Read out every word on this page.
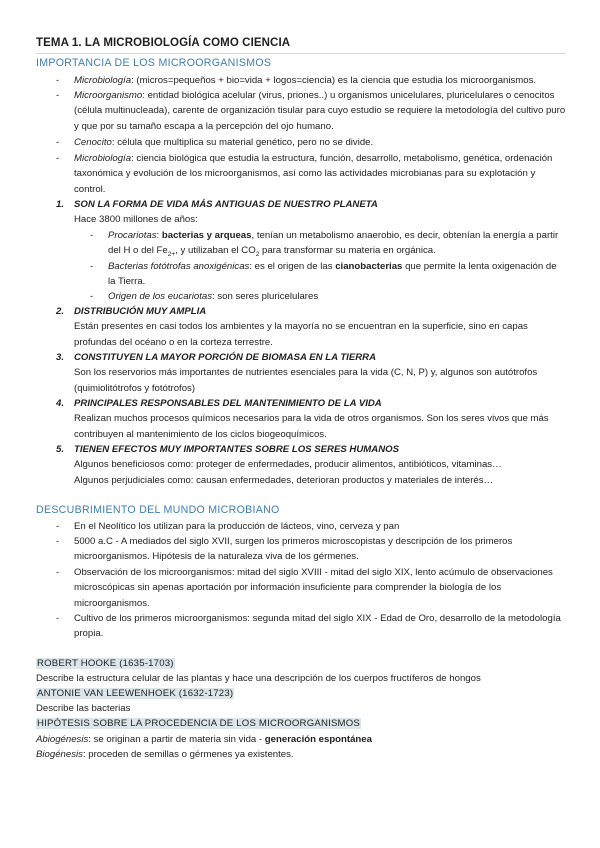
TEMA 1. LA MICROBIOLOGÍA COMO CIENCIA
IMPORTANCIA DE LOS MICROORGANISMOS
- Microbiología: (micros=pequeños + bio=vida + logos=ciencia) es la ciencia que estudia los microorganismos.
- Microorganismo: entidad biológica acelular (virus, priones..) u organismos unicelulares, pluricelulares o cenocitos (célula multinucleada), carente de organización tisular para cuyo estudio se requiere la metodología del cultivo puro y que por su tamaño escapa a la percepción del ojo humano.
- Cenocito: célula que multiplica su material genético, pero no se divide.
- Microbiología: ciencia biológica que estudia la estructura, función, desarrollo, metabolismo, genética, ordenación taxonómica y evolución de los microorganismos, así como las actividades microbianas para su explotación y control.
1. SON LA FORMA DE VIDA MÁS ANTIGUAS DE NUESTRO PLANETA
Hace 3800 millones de años:
- Procariotas: bacterias y arqueas, tenían un metabolismo anaerobio, es decir, obtenían la energía a partir del H o del $Fe_{2+}$, y utilizaban el $CO_2$ para transformar su materia en orgánica.
- Bacterias fotótrofas anoxigénicas: es el origen de las cianobacterias que permite la lenta oxigenación de la Tierra.
- Origen de los eucariotas: son seres pluricelulares
2. DISTRIBUCIÓN MUY AMPLIA
Están presentes en casi todos los ambientes y la mayoría no se encuentran en la superficie, sino en capas profundas del océano o en la corteza terrestre.
3. CONSTITUYEN LA MAYOR PORCIÓN DE BIOMASA EN LA TIERRA
Son los reservorios más importantes de nutrientes esenciales para la vida (C, N, P) y, algunos son autótrofos (quimiolitótrofos y fotótrofos)
4. PRINCIPALES RESPONSABLES DEL MANTENIMIENTO DE LA VIDA
Realizan muchos procesos químicos necesarios para la vida de otros organismos. Son los seres vivos que más contribuyen al mantenimiento de los ciclos biogeoquímicos.
5. TIENEN EFECTOS MUY IMPORTANTES SOBRE LOS SERES HUMANOS
Algunos beneficiosos como: proteger de enfermedades, producir alimentos, antibióticos, vitaminas…
Algunos perjudiciales como: causan enfermedades, deterioran productos y materiales de interés…
DESCUBRIMIENTO DEL MUNDO MICROBIANO
- En el Neolítico los utilizan para la producción de lácteos, vino, cerveza y pan
- 5000 a.C - A mediados del siglo XVII, surgen los primeros microscopistas y descripción de los primeros microorganismos. Hipótesis de la naturaleza viva de los gérmenes.
- Observación de los microorganismos: mitad del siglo XVIII - mitad del siglo XIX, lento acúmulo de observaciones microscópicas sin apenas aportación por información insuficiente para comprender la biología de los microorganismos.
- Cultivo de los primeros microorganismos: segunda mitad del siglo XIX - Edad de Oro, desarrollo de la metodología propia.
ROBERT HOOKE (1635-1703)
Describe la estructura celular de las plantas y hace una descripción de los cuerpos fructíferos de hongos
ANTONIE VAN LEEWENHOEK (1632-1723)
Describe las bacterias
HIPÓTESIS SOBRE LA PROCEDENCIA DE LOS MICROORGANISMOS
Abiogénesis: se originan a partir de materia sin vida - generación espontánea
Biogénesis: proceden de semillas o gérmenes ya existentes.
